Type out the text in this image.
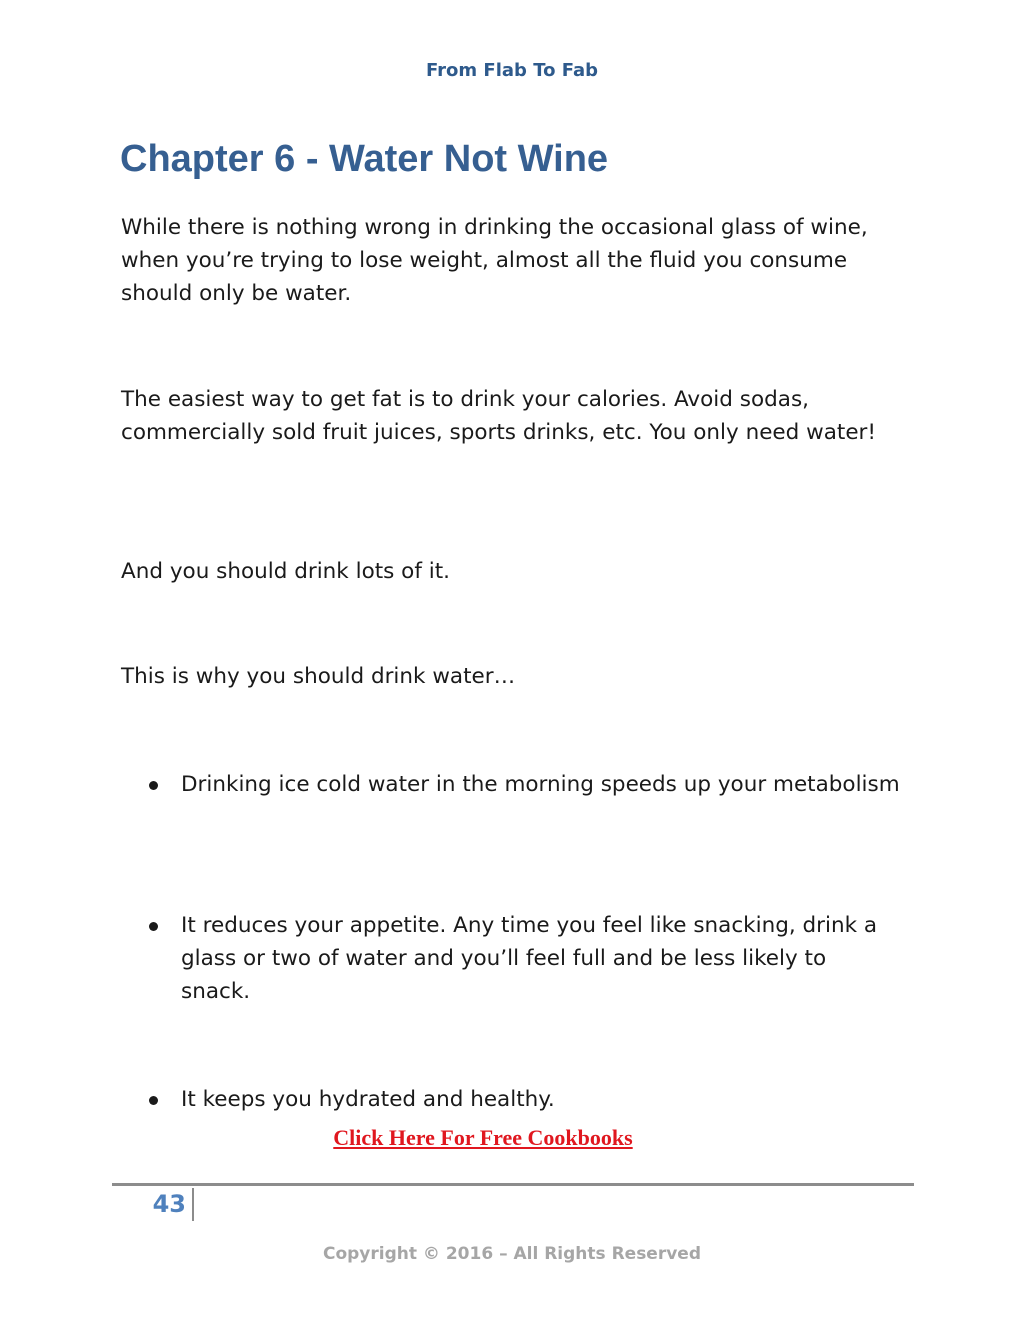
From Flab To Fab
Chapter 6 - Water Not Wine

While there is nothing wrong in drinking the occasional glass of wine, when you’re trying to lose weight, almost all the fluid you consume should only be water.

The easiest way to get fat is to drink your calories. Avoid sodas, commercially sold fruit juices, sports drinks, etc. You only need water!

And you should drink lots of it.

This is why you should drink water…

Drinking ice cold water in the morning speeds up your metabolism

It reduces your appetite. Any time you feel like snacking, drink a glass or two of water and you’ll feel full and be less likely to snack.

It keeps you hydrated and healthy.

Click Here For Free Cookbooks
43
Copyright © 2016 – All Rights Reserved
